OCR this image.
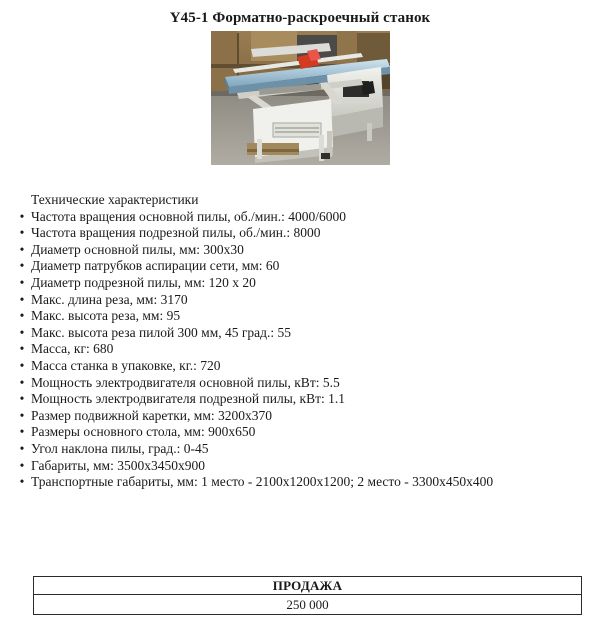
Y45-1 Форматно-раскроечный станок
Технические характеристики
• Частота вращения основной пилы, об./мин.: 4000/6000
• Частота вращения подрезной пилы, об./мин.: 8000
• Диаметр основной пилы, мм: 300х30
• Диаметр патрубков аспирации сети, мм: 60
• Диаметр подрезной пилы, мм: 120 х 20
• Макс. длина реза, мм: 3170
• Макс. высота реза, мм: 95
• Макс. высота реза пилой 300 мм, 45 град.: 55
• Масса, кг: 680
• Масса станка в упаковке, кг.: 720
• Мощность электродвигателя основной пилы, кВт: 5.5
• Мощность электродвигателя подрезной пилы, кВт: 1.1
• Размер подвижной каретки, мм: 3200х370
• Размеры основного стола, мм: 900х650
• Угол наклона пилы, град.: 0-45
• Габариты, мм: 3500х3450х900
• Транспортные габариты, мм: 1 место - 2100х1200х1200; 2 место - 3300х450х400
ПРОДАЖА
250 000
